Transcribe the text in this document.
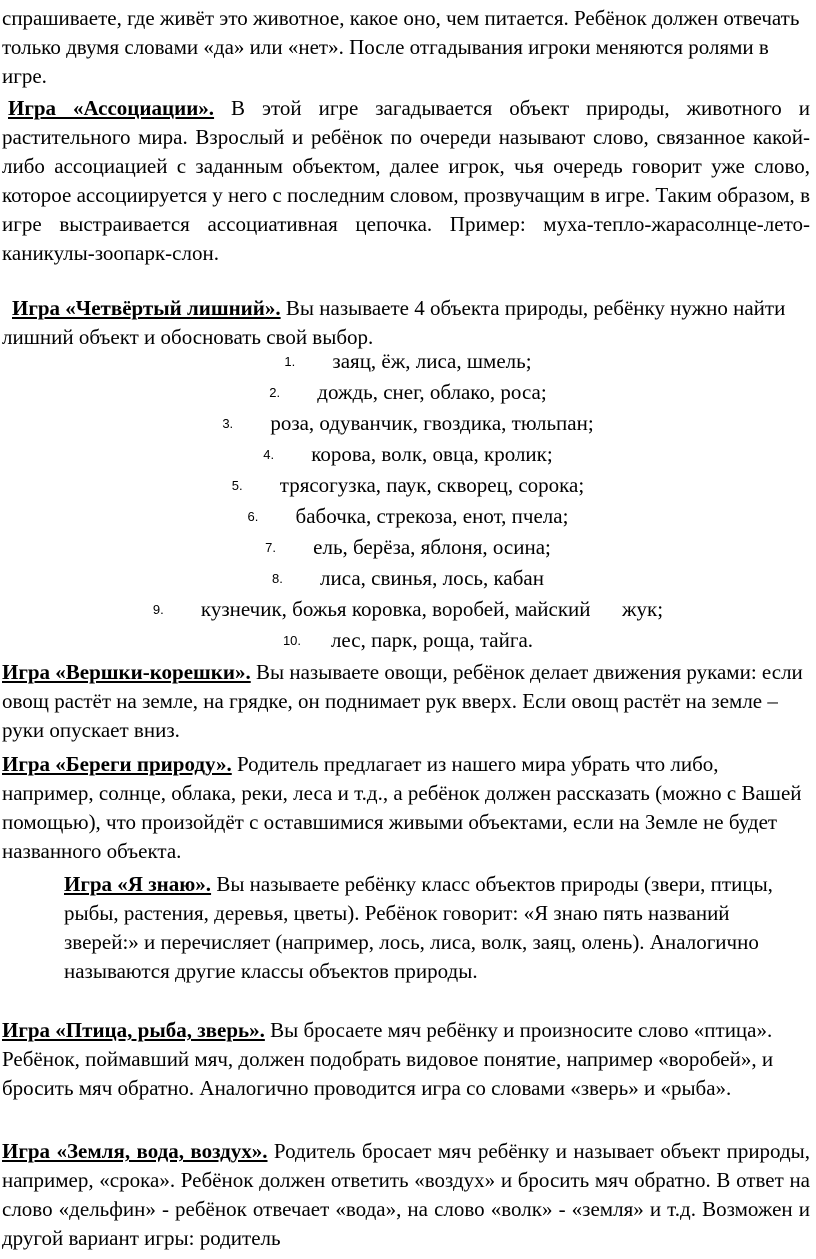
спрашиваете, где живёт это животное, какое оно, чем питается. Ребёнок должен отвечать только двумя словами «да» или «нет». После отгадывания игроки меняются ролями в игре.

Игра «Ассоциации». В этой игре загадывается объект природы, животного и растительного мира. Взрослый и ребёнок по очереди называют слово, связанное какой-либо ассоциацией с заданным объектом, далее игрок, чья очередь говорит уже слово, которое ассоциируется у него с последним словом, прозвучащим в игре. Таким образом, в игре выстраивается ассоциативная цепочка. Пример: муха-тепло-жарасолнце-лето-каникулы-зоопарк-слон.

Игра «Четвёртый лишний». Вы называете 4 объекта природы, ребёнку нужно найти лишний объект и обосновать свой выбор.

1.	заяц, ёж, лиса, шмель;
2.	дождь, снег, облако, роса;
3.	роза, одуванчик, гвоздика, тюльпан;
4.	корова, волк, овца, кролик;
5.	трясогузка, паук, скворец, сорока;
6.	бабочка, стрекоза, енот, пчела;
7.	ель, берёза, яблоня, осина;
8.	лиса, свинья, лось, кабан
9.	кузнечик, божья коровка, воробей, майский      жук;
10.	лес, парк, роща, тайга.

Игра «Вершки-корешки». Вы называете овощи, ребёнок делает движения руками: если овощ растёт на земле, на грядке, он поднимает рук вверх. Если овощ растёт на земле – руки опускает вниз.

Игра «Береги природу». Родитель предлагает из нашего мира убрать что либо, например, солнце, облака, реки, леса и т.д., а ребёнок должен рассказать (можно с Вашей помощью), что произойдёт с оставшимися живыми объектами, если на Земле не будет названного объекта.

Игра «Я знаю». Вы называете ребёнку класс объектов природы (звери, птицы, рыбы, растения, деревья, цветы). Ребёнок говорит: «Я знаю пять названий зверей:» и перечисляет (например, лось, лиса, волк, заяц, олень). Аналогично называются другие классы объектов природы.

Игра «Птица, рыба, зверь». Вы бросаете мяч ребёнку и произносите слово «птица». Ребёнок, поймавший мяч, должен подобрать видовое понятие, например «воробей», и бросить мяч обратно. Аналогично проводится игра со словами «зверь» и «рыба».

Игра «Земля, вода, воздух». Родитель бросает мяч ребёнку и называет объект природы, например, «срока». Ребёнок должен ответить «воздух» и бросить мяч обратно. В ответ на слово «дельфин» - ребёнок отвечает «вода», на слово «волк» - «земля» и т.д. Возможен и другой вариант игры: родитель
